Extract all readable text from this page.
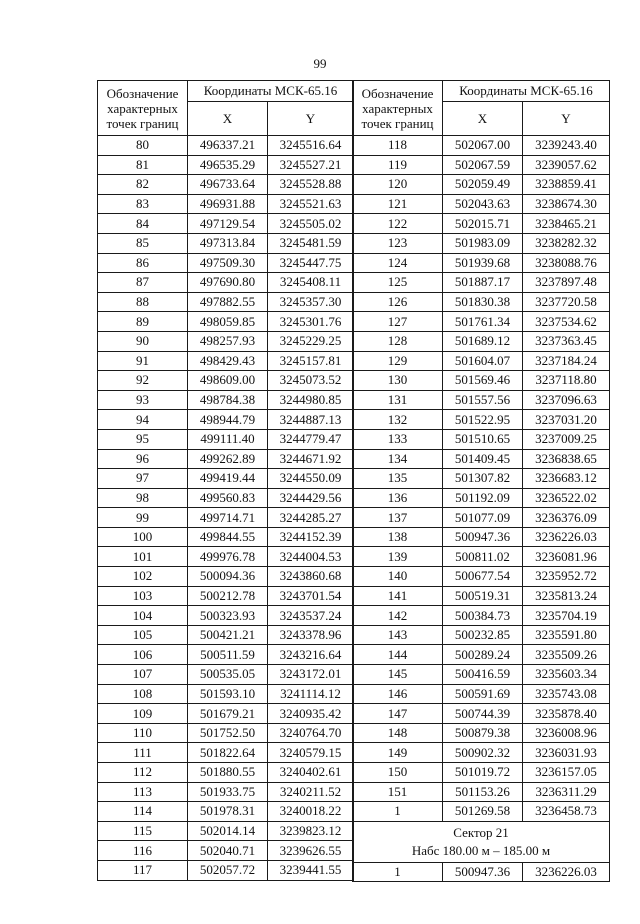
99
Обозначение характерных точек границ	Координаты МСК-65.16	
	X	Y
80	496337.21	3245516.64
81	496535.29	3245527.21
82	496733.64	3245528.88
83	496931.88	3245521.63
84	497129.54	3245505.02
85	497313.84	3245481.59
86	497509.30	3245447.75
87	497690.80	3245408.11
88	497882.55	3245357.30
89	498059.85	3245301.76
90	498257.93	3245229.25
91	498429.43	3245157.81
92	498609.00	3245073.52
93	498784.38	3244980.85
94	498944.79	3244887.13
95	499111.40	3244779.47
96	499262.89	3244671.92
97	499419.44	3244550.09
98	499560.83	3244429.56
99	499714.71	3244285.27
100	499844.55	3244152.39
101	499976.78	3244004.53
102	500094.36	3243860.68
103	500212.78	3243701.54
104	500323.93	3243537.24
105	500421.21	3243378.96
106	500511.59	3243216.64
107	500535.05	3243172.01
108	501593.10	3241114.12
109	501679.21	3240935.42
110	501752.50	3240764.70
111	501822.64	3240579.15
112	501880.55	3240402.61
113	501933.75	3240211.52
114	501978.31	3240018.22
115	502014.14	3239823.12
116	502040.71	3239626.55
117	502057.72	3239441.55
Обозначение характерных точек границ	Координаты МСК-65.16	
	X	Y
118	502067.00	3239243.40
119	502067.59	3239057.62
120	502059.49	3238859.41
121	502043.63	3238674.30
122	502015.71	3238465.21
123	501983.09	3238282.32
124	501939.68	3238088.76
125	501887.17	3237897.48
126	501830.38	3237720.58
127	501761.34	3237534.62
128	501689.12	3237363.45
129	501604.07	3237184.24
130	501569.46	3237118.80
131	501557.56	3237096.63
132	501522.95	3237031.20
133	501510.65	3237009.25
134	501409.45	3236838.65
135	501307.82	3236683.12
136	501192.09	3236522.02
137	501077.09	3236376.09
138	500947.36	3236226.03
139	500811.02	3236081.96
140	500677.54	3235952.72
141	500519.31	3235813.24
142	500384.73	3235704.19
143	500232.85	3235591.80
144	500289.24	3235509.26
145	500416.59	3235603.34
146	500591.69	3235743.08
147	500744.39	3235878.40
148	500879.38	3236008.96
149	500902.32	3236031.93
150	501019.72	3236157.05
151	501153.26	3236311.29
1	501269.58	3236458.73

Сектор 21
Набс 180.00 м – 185.00 м		

1	500947.36	3236226.03
